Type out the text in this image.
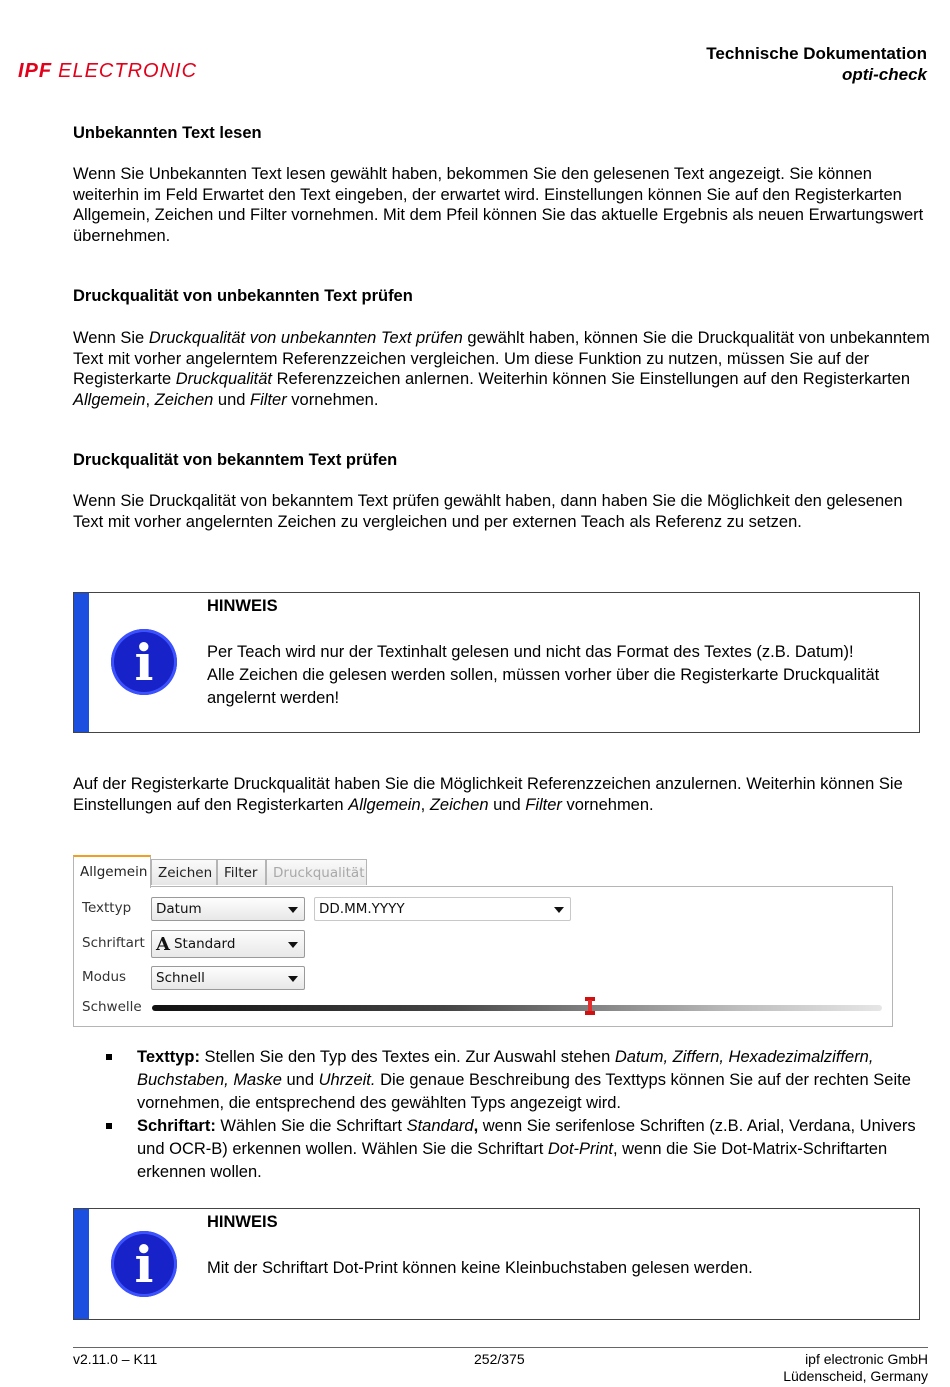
IPF ELECTRONIC
Technische Dokumentation
opti-check
Unbekannten Text lesen
Wenn Sie Unbekannten Text lesen gewählt haben, bekommen Sie den gelesenen Text angezeigt. Sie können weiterhin im Feld Erwartet den Text eingeben, der erwartet wird. Einstellungen können Sie auf den Registerkarten Allgemein, Zeichen und Filter vornehmen. Mit dem Pfeil können Sie das aktuelle Ergebnis als neuen Erwartungswert übernehmen.
Druckqualität von unbekannten Text prüfen
Wenn Sie Druckqualität von unbekannten Text prüfen gewählt haben, können Sie die Druckqualität von unbekanntem Text mit vorher angelerntem Referenzzeichen vergleichen. Um diese Funktion zu nutzen, müssen Sie auf der Registerkarte Druckqualität Referenzzeichen anlernen. Weiterhin können Sie Einstellungen auf den Registerkarten Allgemein, Zeichen und Filter vornehmen.
Druckqualität von bekanntem Text prüfen
Wenn Sie Druckqalität von bekanntem Text prüfen gewählt haben, dann haben Sie die Möglichkeit den gelesenen Text mit vorher angelernten Zeichen zu vergleichen und per externen Teach als Referenz zu setzen.
i
HINWEIS
Per Teach wird nur der Textinhalt gelesen und nicht das Format des Textes (z.B. Datum)!
Alle Zeichen die gelesen werden sollen, müssen vorher über die Registerkarte Druckqualität angelernt werden!
Auf der Registerkarte Druckqualität haben Sie die Möglichkeit Referenzzeichen anzulernen. Weiterhin können Sie Einstellungen auf den Registerkarten Allgemein, Zeichen und Filter vornehmen.
Allgemein Zeichen Filter	Druckqualität
Texttyp	Datum	DD.MM.YYYY
Schriftart A Standard
Modus	Schnell
Schwelle
Texttyp: Stellen Sie den Typ des Textes ein. Zur Auswahl stehen Datum, Ziffern, Hexadezimalziffern, Buchstaben, Maske und Uhrzeit. Die genaue Beschreibung des Texttyps können Sie auf der rechten Seite vornehmen, die entsprechend des gewählten Typs angezeigt wird.
Schriftart: Wählen Sie die Schriftart Standard, wenn Sie serifenlose Schriften (z.B. Arial, Verdana, Univers und OCR-B) erkennen wollen. Wählen Sie die Schriftart Dot-Print, wenn die Sie Dot-Matrix-Schriftarten erkennen wollen.
i
HINWEIS
Mit der Schriftart Dot-Print können keine Kleinbuchstaben gelesen werden.
v2.11.0 – K11	252/375	ipf electronic GmbH
Lüdenscheid, Germany
